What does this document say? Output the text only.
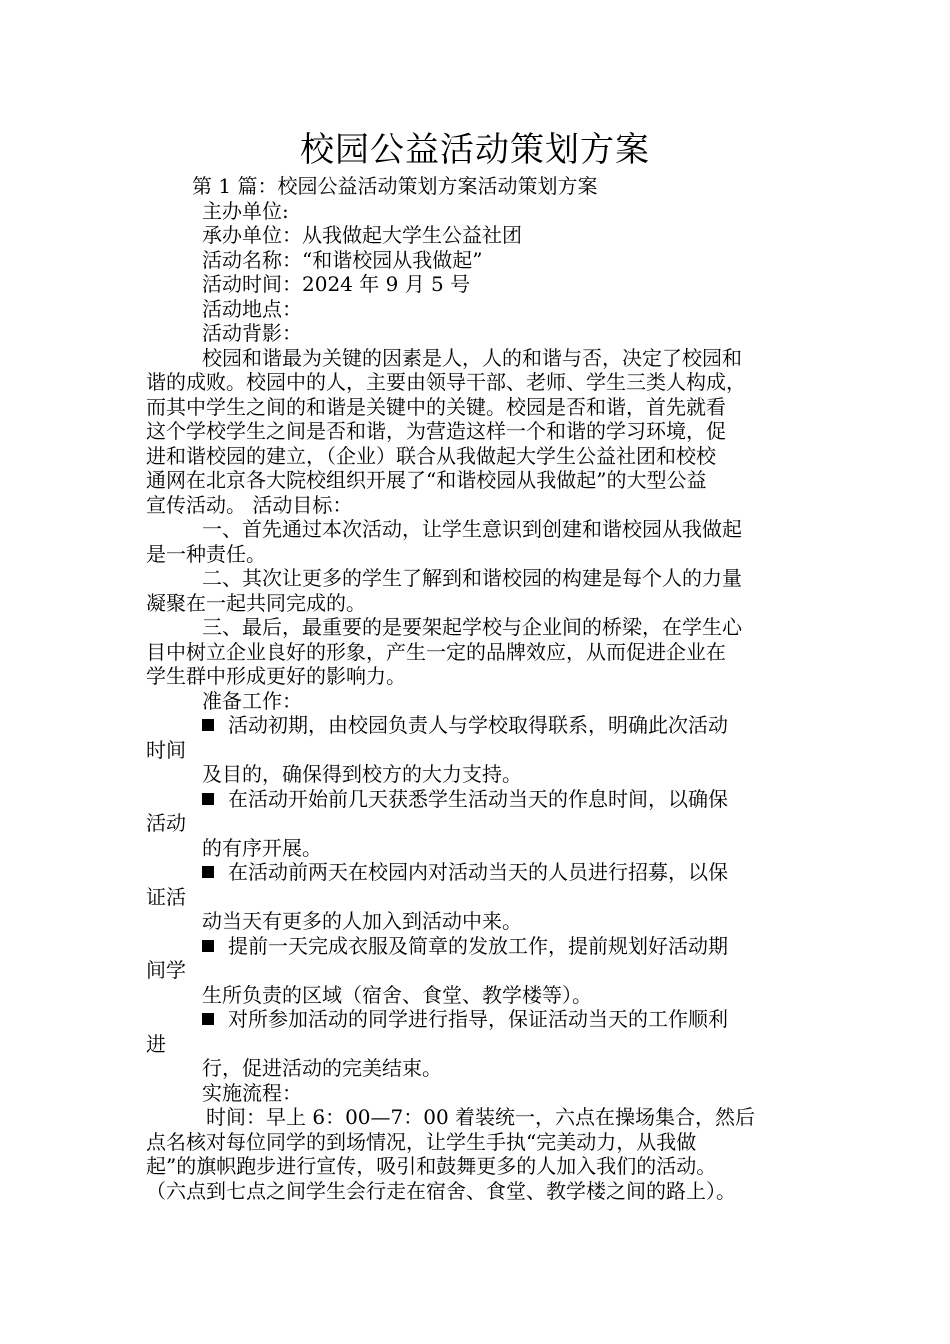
校园公益活动策划方案
第 1 篇：校园公益活动策划方案活动策划方案
主办单位:
承办单位：从我做起大学生公益社团
活动名称：“和谐校园从我做起”
活动时间：2024 年 9 月 5 号
活动地点：
活动背影：
校园和谐最为关键的因素是人，人的和谐与否，决定了校园和
谐的成败。校园中的人，主要由领导干部、老师、学生三类人构成，
而其中学生之间的和谐是关键中的关键。校园是否和谐，首先就看
这个学校学生之间是否和谐，为营造这样一个和谐的学习环境，促
进和谐校园的建立，（企业）联合从我做起大学生公益社团和校校
通网在北京各大院校组织开展了“和谐校园从我做起”的大型公益
宣传活动。 活动目标：
一、首先通过本次活动，让学生意识到创建和谐校园从我做起
是一种责任。
二、其次让更多的学生了解到和谐校园的构建是每个人的力量
凝聚在一起共同完成的。
三、最后，最重要的是要架起学校与企业间的桥梁，在学生心
目中树立企业良好的形象，产生一定的品牌效应，从而促进企业在
学生群中形成更好的影响力。
准备工作：
活动初期，由校园负责人与学校取得联系，明确此次活动
时间
及目的，确保得到校方的大力支持。
在活动开始前几天获悉学生活动当天的作息时间，以确保
活动
的有序开展。
在活动前两天在校园内对活动当天的人员进行招募，以保
证活
动当天有更多的人加入到活动中来。
提前一天完成衣服及简章的发放工作，提前规划好活动期
间学
生所负责的区域（宿舍、食堂、教学楼等）。
对所参加活动的同学进行指导，保证活动当天的工作顺利
进
行，促进活动的完美结束。
实施流程：
时间：早上 6：00—7：00 着装统一，六点在操场集合，然后
点名核对每位同学的到场情况，让学生手执“完美动力，从我做
起”的旗帜跑步进行宣传，吸引和鼓舞更多的人加入我们的活动。
（六点到七点之间学生会行走在宿舍、食堂、教学楼之间的路上）。
